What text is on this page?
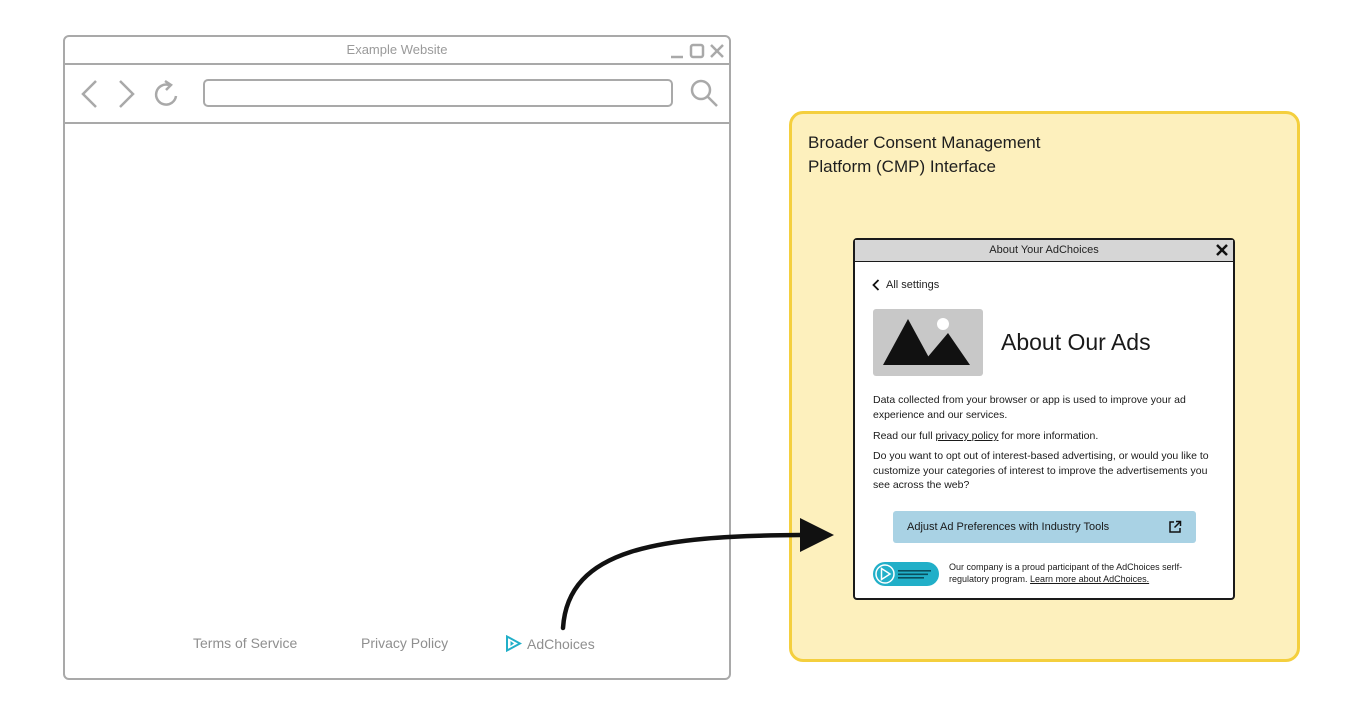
Example Website
Terms of Service	Privacy Policy	AdChoices
Broader Consent Management Platform (CMP) Interface
About Your AdChoices
All settings
About Our Ads
Data collected from your browser or app is used to improve your ad experience and our services.
Read our full privacy policy for more information.
Do you want to opt out of interest-based advertising, or would you like to customize your categories of interest to improve the advertisements you see across the web?
Adjust Ad Preferences with Industry Tools
Our company is a proud participant of the AdChoices serlf-regulatory program. Learn more about AdChoices.
